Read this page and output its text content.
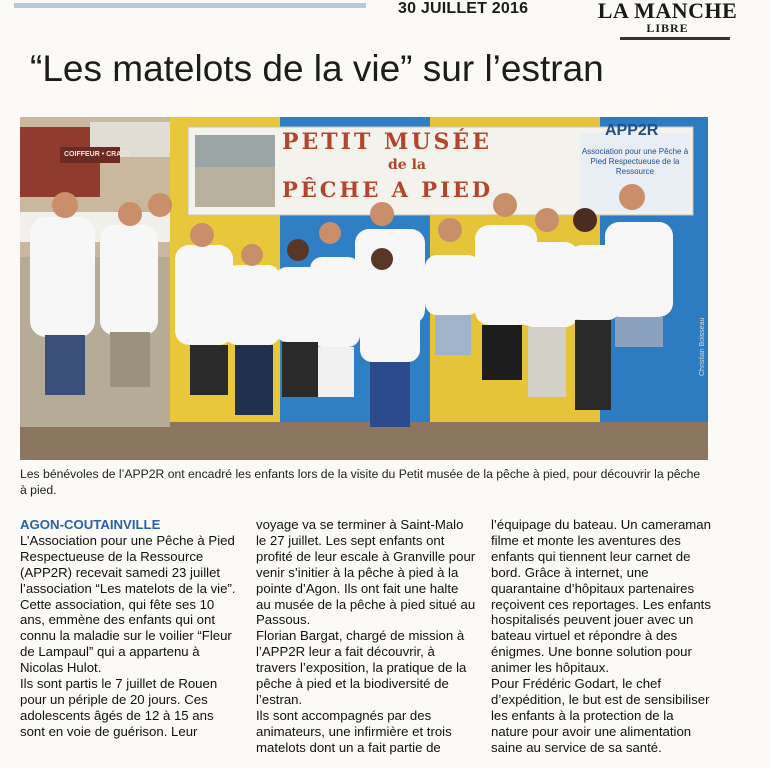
30 JUILLET 2016	LA MANCHE
LIBRE
“Les matelots de la vie” sur l’estran
PETIT MUSÉE
de la
PÊCHE A PIED
APP2R
Association pour une Pêche à Pied Respectueuse de la Ressource
COIFFEUR • CRAZY
Christian Boisseau
Les bénévoles de l’APP2R ont encadré les enfants lors de la visite du Petit musée de la pêche à pied, pour découvrir la pêche à pied.
AGON-COUTAINVILLE

L’Association pour une Pêche à Pied Respectueuse de la Ressource (APP2R) recevait samedi 23 juillet l’association “Les matelots de la vie”.

Cette association, qui fête ses 10 ans, emmène des enfants qui ont connu la maladie sur le voilier “Fleur de Lampaul” qui a appartenu à Nicolas Hulot.

Ils sont partis le 7 juillet de Rouen pour un périple de 20 jours. Ces adolescents âgés de 12 à 15 ans sont en voie de guérison. Leur

voyage va se terminer à Saint-Malo le 27 juillet. Les sept enfants ont profité de leur escale à Granville pour venir s’initier à la pêche à pied à la pointe d’Agon. Ils ont fait une halte au musée de la pêche à pied situé au Passous.

Florian Bargat, chargé de mission à l’APP2R leur a fait découvrir, à travers l’exposition, la pratique de la pêche à pied et la biodiversité de l’estran.

Ils sont accompagnés par des animateurs, une infirmière et trois matelots dont un a fait partie de

l’équipage du bateau. Un cameraman filme et monte les aventures des enfants qui tiennent leur carnet de bord. Grâce à internet, une quarantaine d’hôpitaux partenaires reçoivent ces reportages. Les enfants hospitalisés peuvent jouer avec un bateau virtuel et répondre à des énigmes. Une bonne solution pour animer les hôpitaux.

Pour Frédéric Godart, le chef d’expédition, le but est de sensibiliser les enfants à la protection de la nature pour avoir une alimentation saine au service de sa santé.
